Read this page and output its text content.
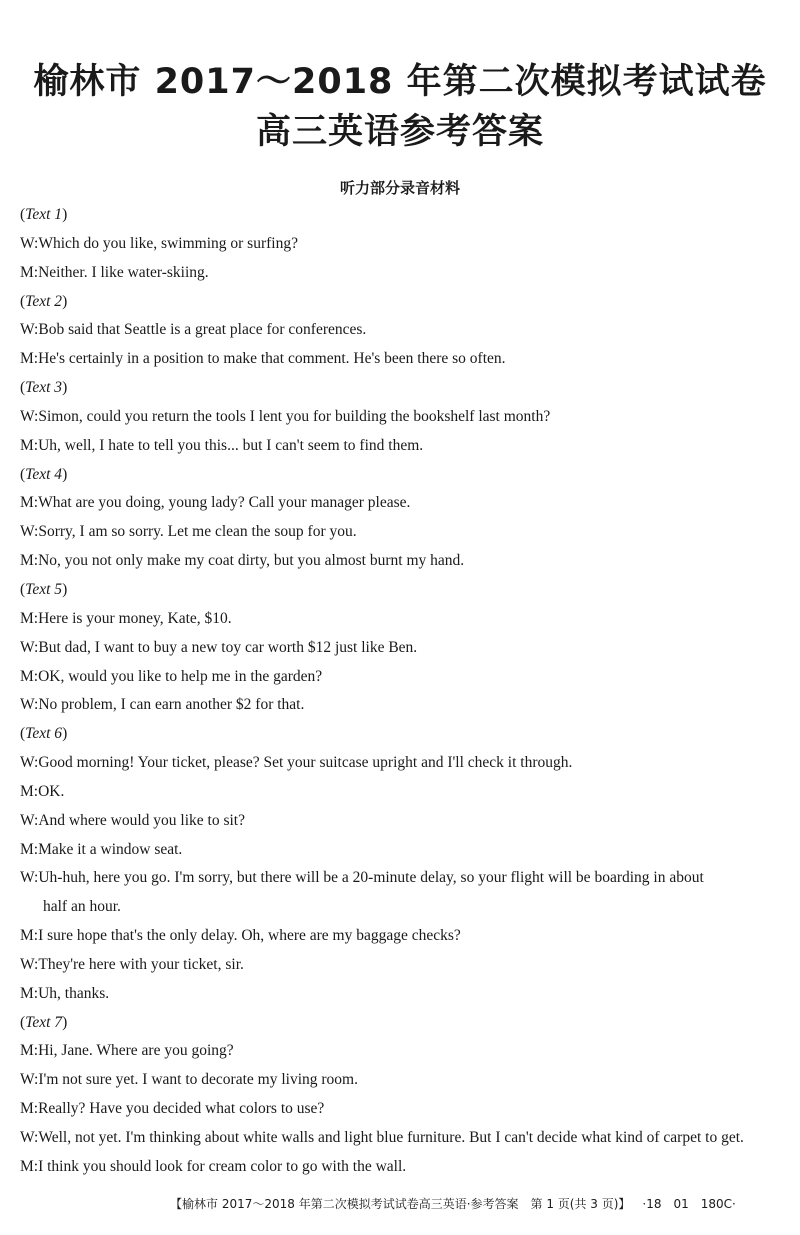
榆林市 2017～2018 年第二次模拟考试试卷
高三英语参考答案
听力部分录音材料
(Text 1)
W:Which do you like, swimming or surfing?
M:Neither. I like water-skiing.
(Text 2)
W:Bob said that Seattle is a great place for conferences.
M:He's certainly in a position to make that comment. He's been there so often.
(Text 3)
W:Simon, could you return the tools I lent you for building the bookshelf last month?
M:Uh, well, I hate to tell you this... but I can't seem to find them.
(Text 4)
M:What are you doing, young lady? Call your manager please.
W:Sorry, I am so sorry. Let me clean the soup for you.
M:No, you not only make my coat dirty, but you almost burnt my hand.
(Text 5)
M:Here is your money, Kate, $10.
W:But dad, I want to buy a new toy car worth $12 just like Ben.
M:OK, would you like to help me in the garden?
W:No problem, I can earn another $2 for that.
(Text 6)
W:Good morning! Your ticket, please? Set your suitcase upright and I'll check it through.
M:OK.
W:And where would you like to sit?
M:Make it a window seat.
W:Uh-huh, here you go. I'm sorry, but there will be a 20-minute delay, so your flight will be boarding in about
half an hour.
M:I sure hope that's the only delay. Oh, where are my baggage checks?
W:They're here with your ticket, sir.
M:Uh, thanks.
(Text 7)
M:Hi, Jane. Where are you going?
W:I'm not sure yet. I want to decorate my living room.
M:Really? Have you decided what colors to use?
W:Well, not yet. I'm thinking about white walls and light blue furniture. But I can't decide what kind of carpet to get.
M:I think you should look for cream color to go with the wall.
【榆林市 2017～2018 年第二次模拟考试试卷高三英语·参考答案　第 1 页(共 3 页)】 ·18　01　180C·
